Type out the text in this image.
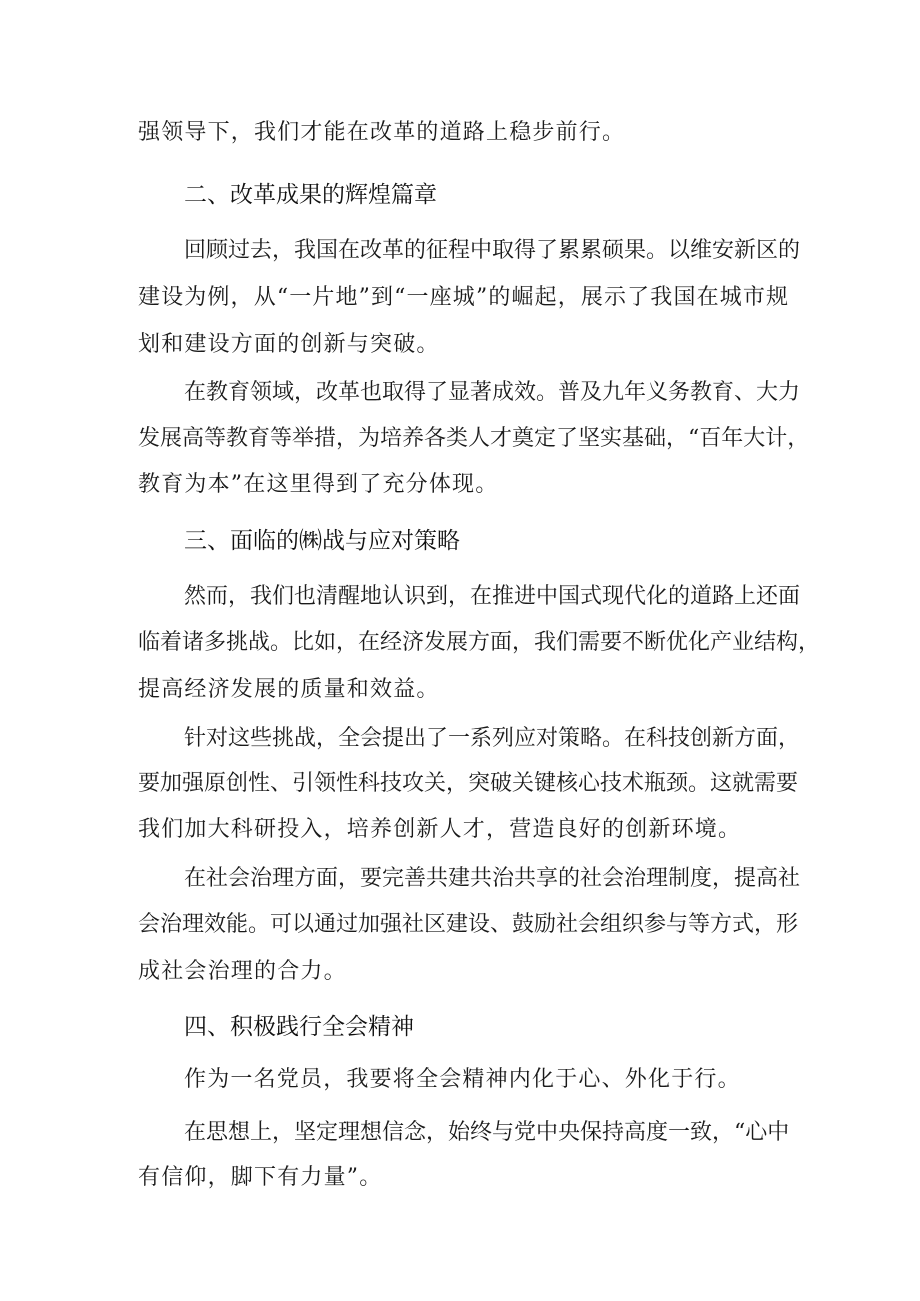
强领导下，我们才能在改革的道路上稳步前行。
二、改革成果的辉煌篇章
回顾过去，我国在改革的征程中取得了累累硕果。以维安新区的
建设为例，从“一片地”到“一座城”的崛起，展示了我国在城市规
划和建设方面的创新与突破。
在教育领域，改革也取得了显著成效。普及九年义务教育、大力
发展高等教育等举措，为培养各类人才奠定了坚实基础，“百年大计，
教育为本”在这里得到了充分体现。
三、面临的㈱战与应对策略
然而，我们也清醒地认识到，在推进中国式现代化的道路上还面
临着诸多挑战。比如，在经济发展方面，我们需要不断优化产业结构，
提高经济发展的质量和效益。
针对这些挑战，全会提出了一系列应对策略。在科技创新方面，
要加强原创性、引领性科技攻关，突破关键核心技术瓶颈。这就需要
我们加大科研投入，培养创新人才，营造良好的创新环境。
在社会治理方面，要完善共建共治共享的社会治理制度，提高社
会治理效能。可以通过加强社区建设、鼓励社会组织参与等方式，形
成社会治理的合力。
四、积极践行全会精神
作为一名党员，我要将全会精神内化于心、外化于行。
在思想上，坚定理想信念，始终与党中央保持高度一致，“心中
有信仰，脚下有力量”。
